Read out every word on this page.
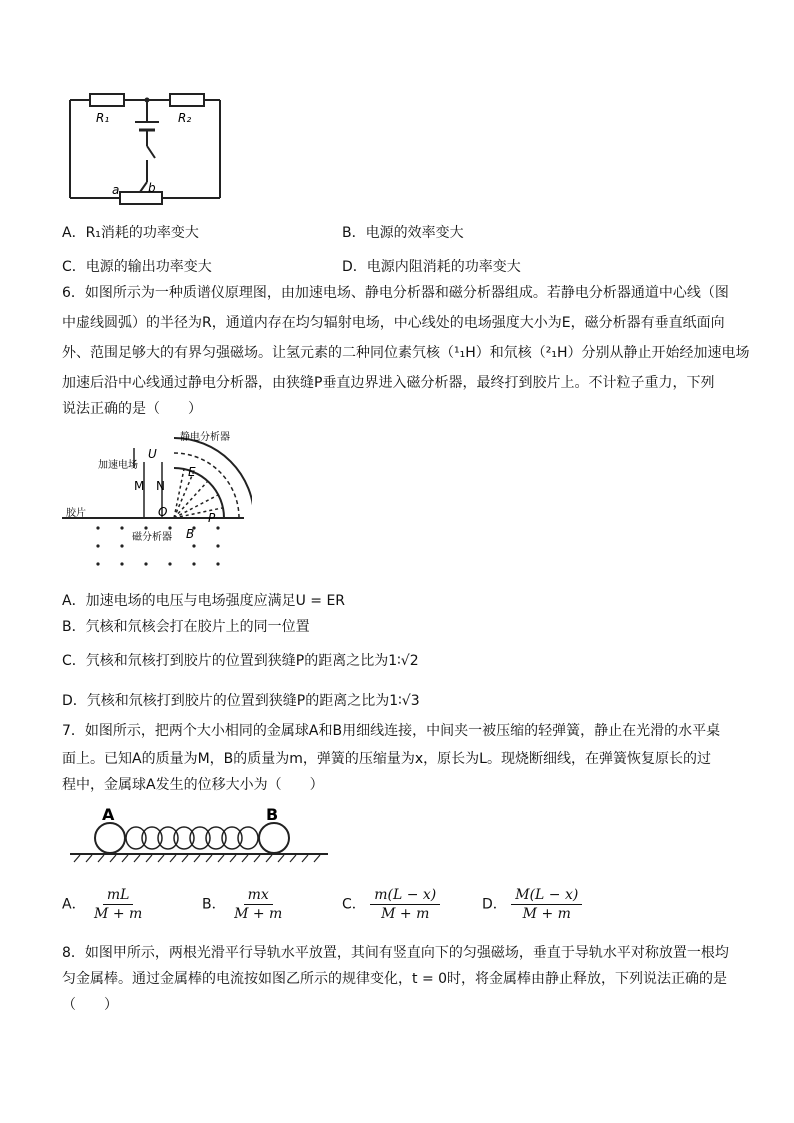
R₁	R₂
a b
A．R₁消耗的功率变大	B．电源的效率变大
C．电源的输出功率变大	D．电源内阻消耗的功率变大
6．如图所示为一种质谱仪原理图，由加速电场、静电分析器和磁分析器组成。若静电分析器通道中心线（图
中虚线圆弧）的半径为R，通道内存在均匀辐射电场，中心线处的电场强度大小为E，磁分析器有垂直纸面向
外、范围足够大的有界匀强磁场。让氢元素的二种同位素氕核（¹₁H）和氘核（²₁H）分别从静止开始经加速电场
加速后沿中心线通过静电分析器，由狭缝P垂直边界进入磁分析器，最终打到胶片上。不计粒子重力，下列
说法正确的是（　　）
静电分析器
加速电场
U
M N
E
O	P
胶片
磁分析器 B
A．加速电场的电压与电场强度应满足U = ER
B．氕核和氘核会打在胶片上的同一位置
C．氕核和氘核打到胶片的位置到狭缝P的距离之比为1∶√2
D．氕核和氘核打到胶片的位置到狭缝P的距离之比为1∶√3
7．如图所示，把两个大小相同的金属球A和B用细线连接，中间夹一被压缩的轻弹簧，静止在光滑的水平桌
面上。已知A的质量为M，B的质量为m，弹簧的压缩量为x，原长为L。现烧断细线，在弹簧恢复原长的过
程中，金属球A发生的位移大小为（　　）
A	B
A． $\frac{mL}{M + m}$	B． $\frac{mx}{M + m}$	C． $\frac{m(L - x)}{M + m}$	D． $\frac{M(L - x)}{M + m}$
8．如图甲所示，两根光滑平行导轨水平放置，其间有竖直向下的匀强磁场，垂直于导轨水平对称放置一根均
匀金属棒。通过金属棒的电流按如图乙所示的规律变化，t = 0时，将金属棒由静止释放，下列说法正确的是
（　　）
